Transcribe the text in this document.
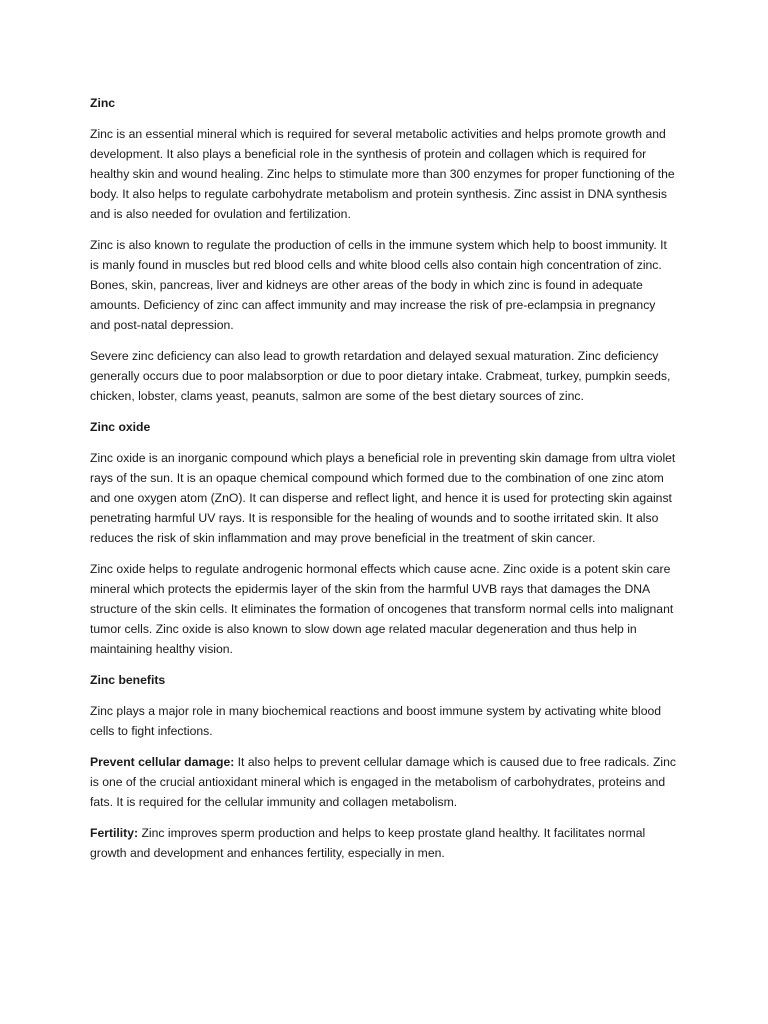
Zinc

Zinc is an essential mineral which is required for several metabolic activities and helps promote growth and development. It also plays a beneficial role in the synthesis of protein and collagen which is required for healthy skin and wound healing. Zinc helps to stimulate more than 300 enzymes for proper functioning of the body. It also helps to regulate carbohydrate metabolism and protein synthesis. Zinc assist in DNA synthesis and is also needed for ovulation and fertilization.

Zinc is also known to regulate the production of cells in the immune system which help to boost immunity. It is manly found in muscles but red blood cells and white blood cells also contain high concentration of zinc. Bones, skin, pancreas, liver and kidneys are other areas of the body in which zinc is found in adequate amounts. Deficiency of zinc can affect immunity and may increase the risk of pre-eclampsia in pregnancy and post-natal depression.

Severe zinc deficiency can also lead to growth retardation and delayed sexual maturation. Zinc deficiency generally occurs due to poor malabsorption or due to poor dietary intake. Crabmeat, turkey, pumpkin seeds, chicken, lobster, clams yeast, peanuts, salmon are some of the best dietary sources of zinc.

Zinc oxide

Zinc oxide is an inorganic compound which plays a beneficial role in preventing skin damage from ultra violet rays of the sun. It is an opaque chemical compound which formed due to the combination of one zinc atom and one oxygen atom (ZnO). It can disperse and reflect light, and hence it is used for protecting skin against penetrating harmful UV rays. It is responsible for the healing of wounds and to soothe irritated skin. It also reduces the risk of skin inflammation and may prove beneficial in the treatment of skin cancer.

Zinc oxide helps to regulate androgenic hormonal effects which cause acne. Zinc oxide is a potent skin care mineral which protects the epidermis layer of the skin from the harmful UVB rays that damages the DNA structure of the skin cells. It eliminates the formation of oncogenes that transform normal cells into malignant tumor cells. Zinc oxide is also known to slow down age related macular degeneration and thus help in maintaining healthy vision.

Zinc benefits

Zinc plays a major role in many biochemical reactions and boost immune system by activating white blood cells to fight infections.

Prevent cellular damage: It also helps to prevent cellular damage which is caused due to free radicals. Zinc is one of the crucial antioxidant mineral which is engaged in the metabolism of carbohydrates, proteins and fats. It is required for the cellular immunity and collagen metabolism.

Fertility: Zinc improves sperm production and helps to keep prostate gland healthy. It facilitates normal growth and development and enhances fertility, especially in men.
